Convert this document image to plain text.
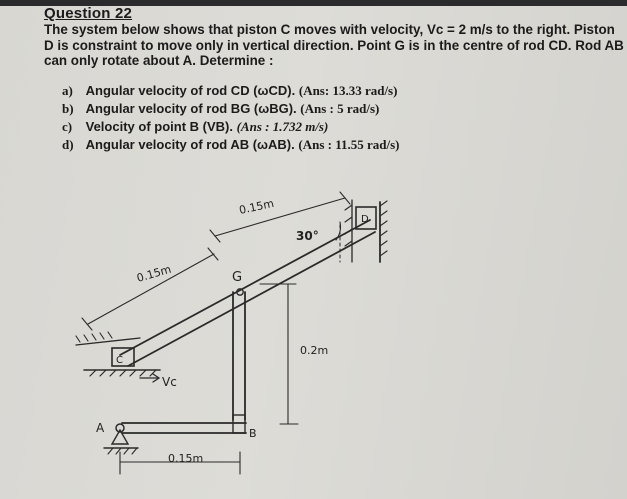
Question 22
The system below shows that piston C moves with velocity, Vc = 2 m/s to the right. Piston D is constraint to move only in vertical direction. Point G is in the centre of rod CD. Rod AB can only rotate about A. Determine :
a) Angular velocity of rod CD (ωCD). (Ans: 13.33 rad/s)
b) Angular velocity of rod BG (ωBG). (Ans : 5 rad/s)
c) Velocity of point B (VB). (Ans : 1.732 m/s)
d) Angular velocity of rod AB (ωAB). (Ans : 11.55 rad/s)
0.15m
0.15m
30°
C
D
G
A	B
Vc
0.2m
0.15m
